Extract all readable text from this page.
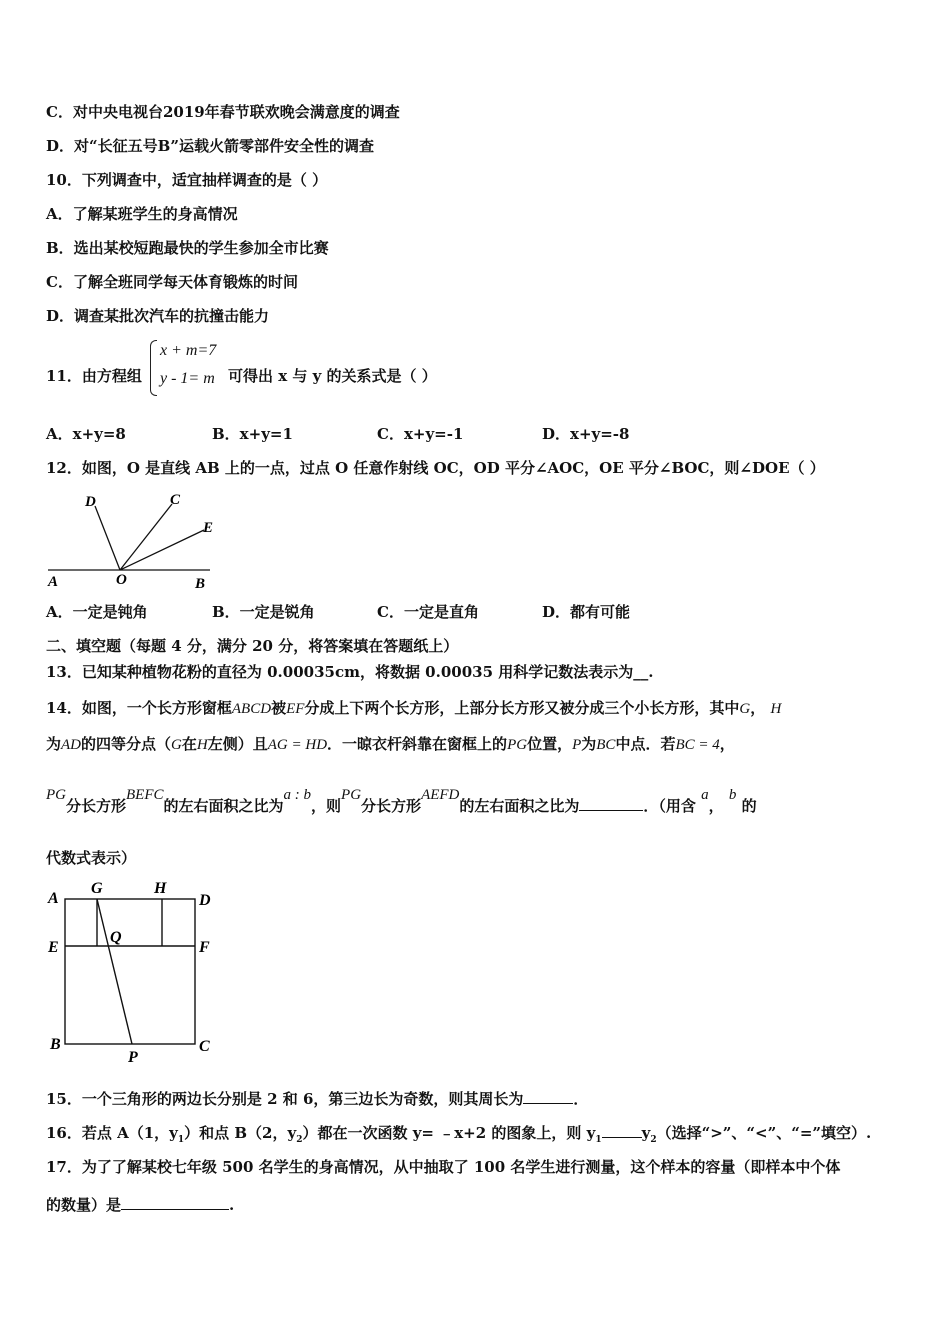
C．对中央电视台2019年春节联欢晚会满意度的调查
D．对“长征五号B”运载火箭零部件安全性的调查
10．下列调查中，适宜抽样调查的是（ ）
A．了解某班学生的身高情况
B．选出某校短跑最快的学生参加全市比赛
C．了解全班同学每天体育锻炼的时间
D．调查某批次汽车的抗撞击能力
11．由方程组
x + m=7
y - 1= m 可得出 x 与 y 的关系式是（ ）
A．x+y=8	B．x+y=1	C．x+y=-1	D．x+y=-8
12．如图，O 是直线 AB 上的一点，过点 O 任意作射线 OC，OD 平分∠AOC，OE 平分∠BOC，则∠DOE（ ）
A	O	B
C
D
E
A．一定是钝角	B．一定是锐角	C．一定是直角	D．都有可能
二、填空题（每题 4 分，满分 20 分，将答案填在答题纸上）
13．已知某种植物花粉的直径为 0.00035cm，将数据 0.00035 用科学记数法表示为__.
14．如图，一个长方形窗框ABCD被EF分成上下两个长方形，上部分长方形又被分成三个小长方形，其中G， H
为AD的四等分点（G在H左侧）且AG = HD．一晾衣杆斜靠在窗框上的PG位置，P为BC中点．若BC = 4，
PG分长方形BEFC的左右面积之比为a : b，则PG分长方形AEFD的左右面积之比为	．（用含 a， b 的
代数式表示）
A
G	H
D
E
Q
F
B
P
C
15．一个三角形的两边长分别是 2 和 6，第三边长为奇数，则其周长为	．
16．若点 A（1，$y_1$）和点 B（2，$y_2$）都在一次函数 y= ﹣x+2 的图象上，则 $y_1$	$y_2$（选择“>”、“<”、“=”填空）.
17．为了了解某校七年级 500 名学生的身高情况，从中抽取了 100 名学生进行测量，这个样本的容量（即样本中个体
的数量）是	.
